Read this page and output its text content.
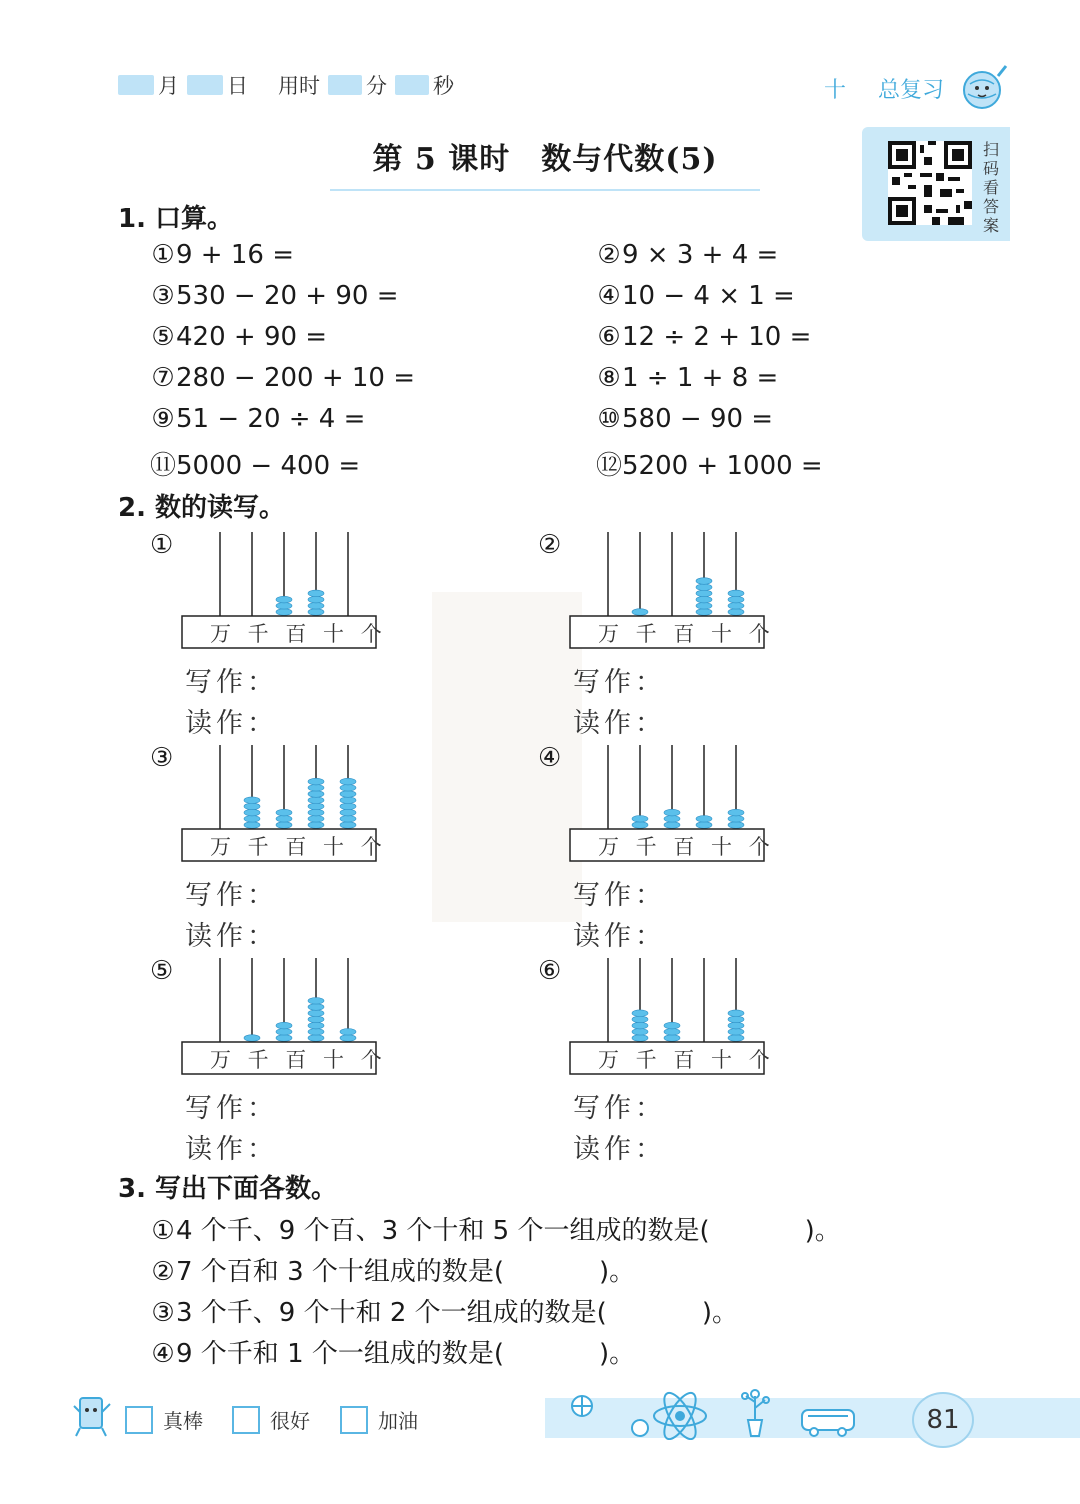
月 日 用时 分 秒	十 总复习
第 5 课时　数与代数(5)	扫
码
看
答
案
1. 口算。
①9 + 16 =	②9 × 3 + 4 =
③530 − 20 + 90 =	④10 − 4 × 1 =
⑤420 + 90 =	⑥12 ÷ 2 + 10 =
⑦280 − 200 + 10 =	⑧1 ÷ 1 + 8 =
⑨51 − 20 ÷ 4 =	⑩580 − 90 =
⑪5000 − 400 =	⑫5200 + 1000 =
2. 数的读写。
①
万 千 百 十 个
写作：
读作：
②
万 千 百 十 个
写作：
读作：
③
万 千 百 十 个
写作：
读作：
④
万 千 百 十 个
写作：
读作：
⑤
万 千 百 十 个
写作：
读作：
⑥
万 千 百 十 个
写作：
读作：
3. 写出下面各数。
①4 个千、9 个百、3 个十和 5 个一组成的数是(	)。
②7 个百和 3 个十组成的数是(	)。
③3 个千、9 个十和 2 个一组成的数是(	)。
④9 个千和 1 个一组成的数是(	)。
真棒	很好	加油	81
